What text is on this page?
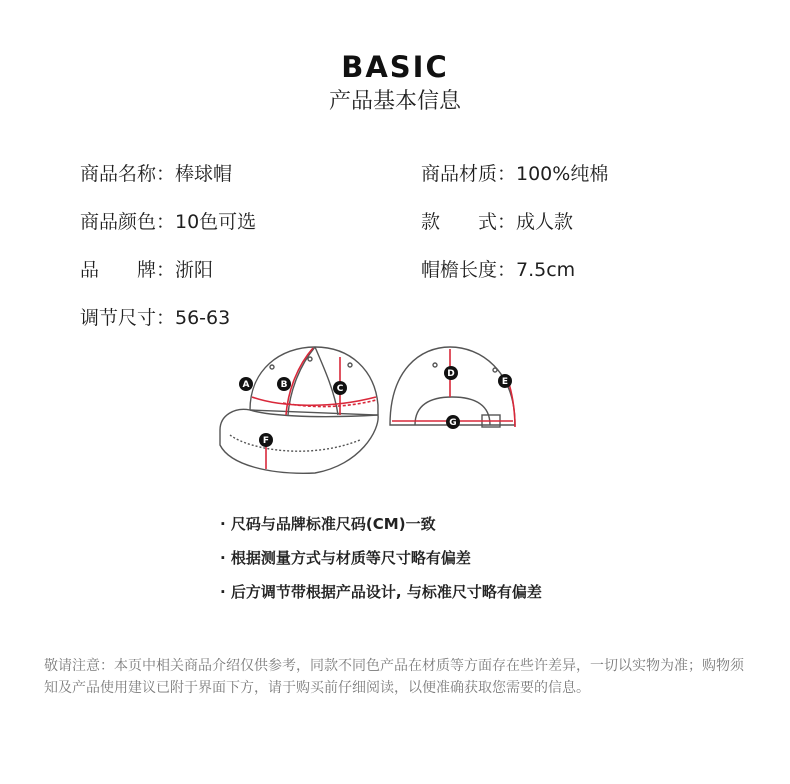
BASIC
产品基本信息
商品名称：棒球帽	商品材质：100%纯棉
商品颜色：10色可选	款　　式：成人款
品　　牌：浙阳	帽檐长度：7.5cm
调节尺寸：56-63
A	B	C
D
E
F
G
· 尺码与品牌标准尺码(CM)一致
· 根据测量方式与材质等尺寸略有偏差
· 后方调节带根据产品设计, 与标准尺寸略有偏差
敬请注意：本页中相关商品介绍仅供参考，同款不同色产品在材质等方面存在些许差异，一切以实物为准；购物须知及产品使用建议已附于界面下方，请于购买前仔细阅读，以便准确获取您需要的信息。
